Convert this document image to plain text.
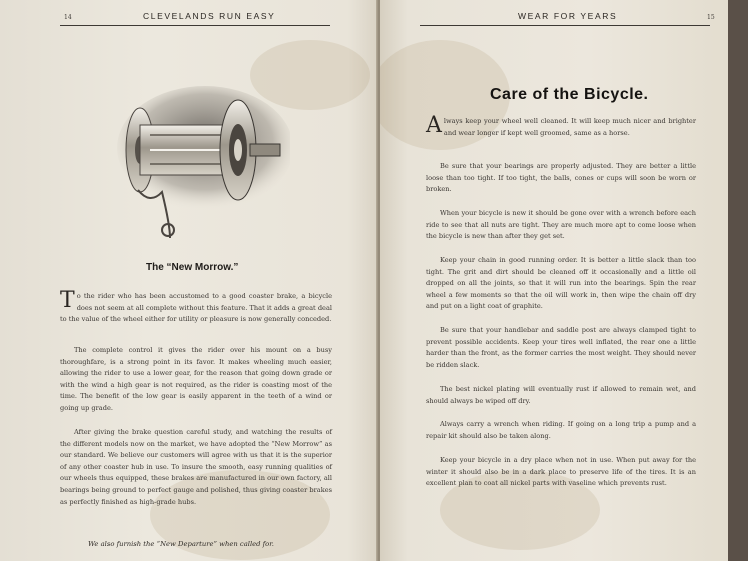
14	CLEVELANDS RUN EASY
The “New Morrow.”

To the rider who has been accustomed to a good coaster brake, a bicycle does not seem at all complete without this feature. That it adds a great deal to the value of the wheel either for utility or pleasure is now generally conceded.

The complete control it gives the rider over his mount on a busy thoroughfare, is a strong point in its favor. It makes wheeling much easier, allowing the rider to use a lower gear, for the reason that going down grade or with the wind a high gear is not required, as the rider is coasting most of the time. The benefit of the low gear is easily apparent in the teeth of a wind or going up grade.

After giving the brake question careful study, and watching the results of the different models now on the market, we have adopted the “New Morrow” as our standard. We believe our customers will agree with us that it is the superior of any other coaster hub in use. To insure the smooth, easy running qualities of our wheels thus equipped, these brakes are manufactured in our own factory, all bearings being ground to perfect gauge and polished, thus giving coaster brakes as perfectly finished as high-grade hubs.

We also furnish the “New Departure” when called for.
WEAR FOR YEARS	15
Care of the Bicycle.

Always keep your wheel well cleaned. It will keep much nicer and brighter and wear longer if kept well groomed, same as a horse.

Be sure that your bearings are properly adjusted. They are better a little loose than too tight. If too tight, the balls, cones or cups will soon be worn or broken.

When your bicycle is new it should be gone over with a wrench before each ride to see that all nuts are tight. They are much more apt to come loose when the bicycle is new than after they get set.

Keep your chain in good running order. It is better a little slack than too tight. The grit and dirt should be cleaned off it occasionally and a little oil dropped on all the joints, so that it will run into the bearings. Spin the rear wheel a few moments so that the oil will work in, then wipe the chain off dry and put on a light coat of graphite.

Be sure that your handlebar and saddle post are always clamped tight to prevent possible accidents. Keep your tires well inflated, the rear one a little harder than the front, as the former carries the most weight. They should never be ridden slack.

The best nickel plating will eventually rust if allowed to remain wet, and should always be wiped off dry.

Always carry a wrench when riding. If going on a long trip a pump and a repair kit should also be taken along.

Keep your bicycle in a dry place when not in use. When put away for the winter it should also be in a dark place to preserve life of the tires. It is an excellent plan to coat all nickel parts with vaseline which prevents rust.
